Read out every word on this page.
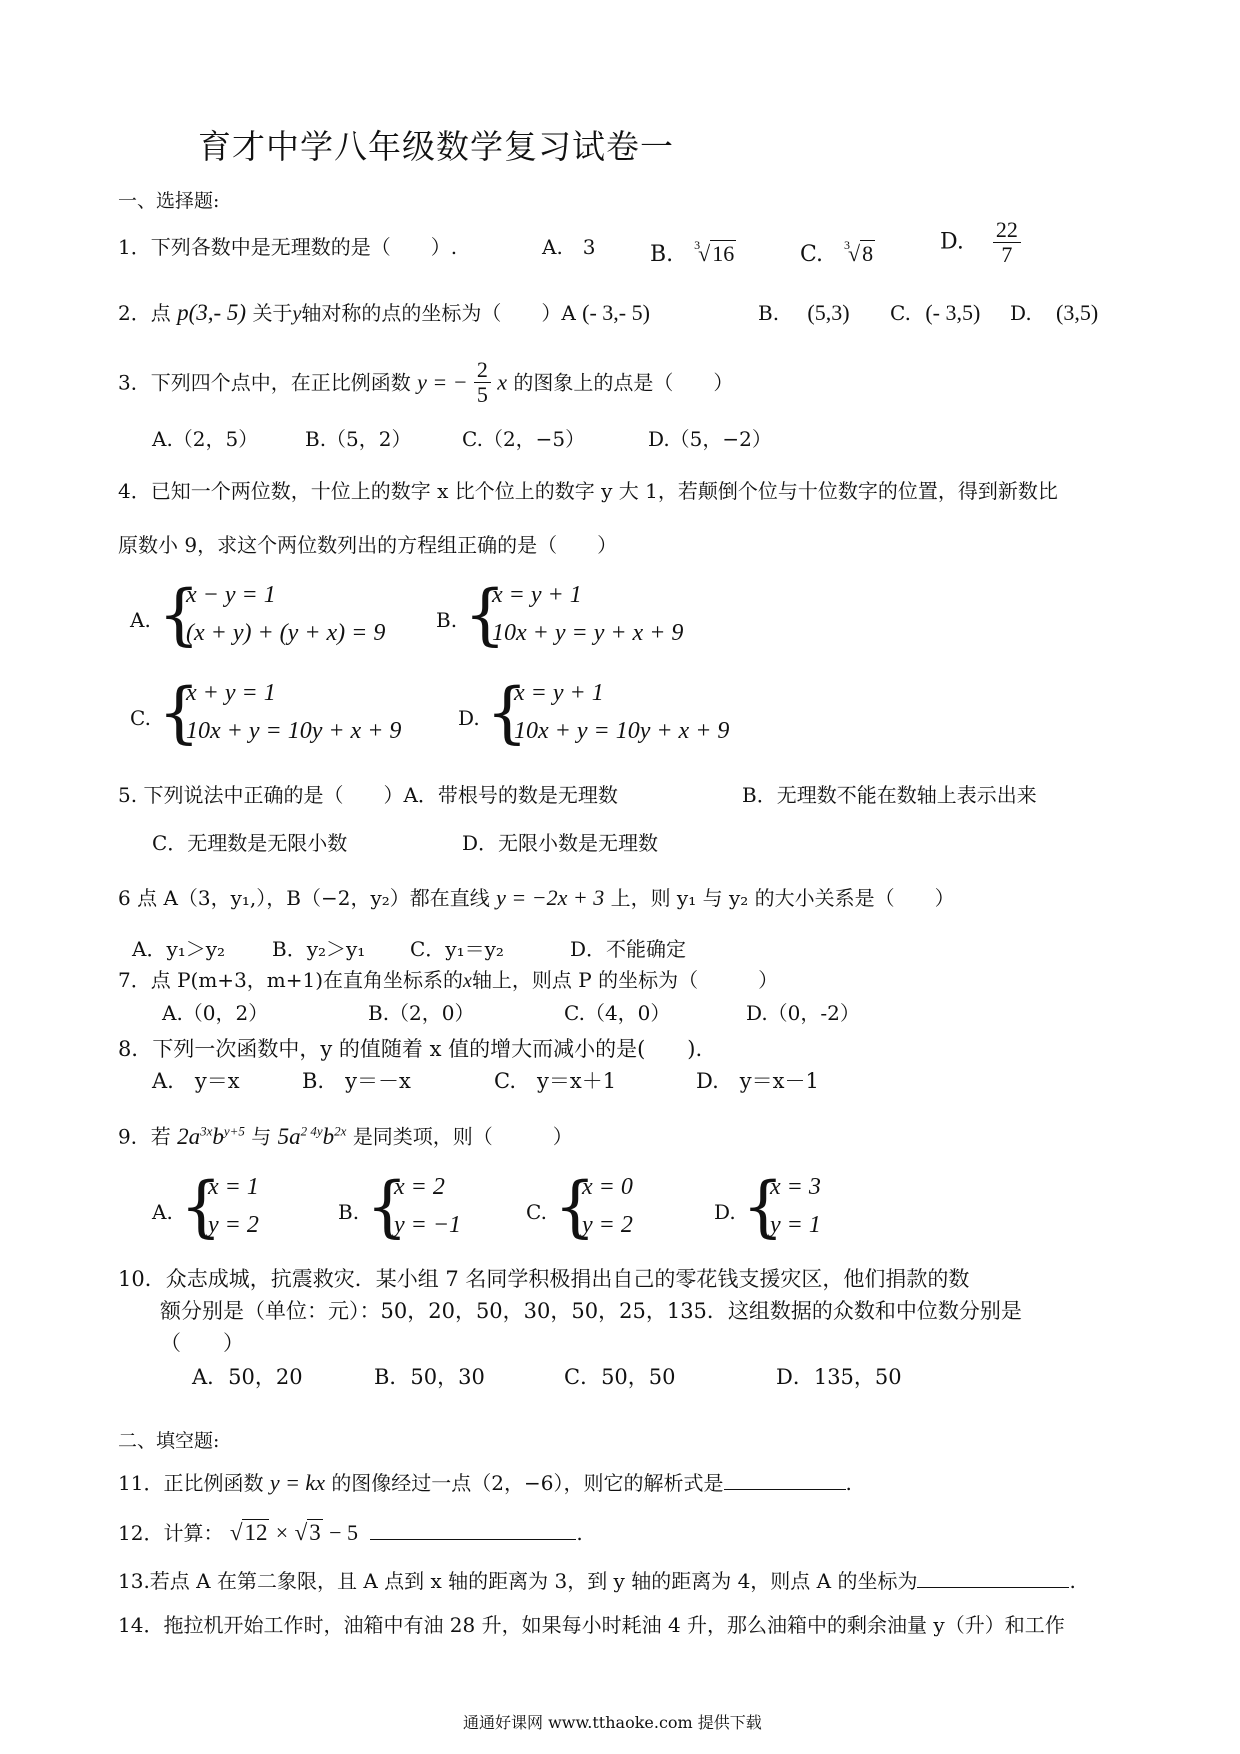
育才中学八年级数学复习试卷一
一、选择题:
1．下列各数中是无理数的是（　　）.	A.　3 B. $^3$√16	C. $^3$√8	D. $\frac{22}{7}$
2．点 p(3,- 5) 关于y轴对称的点的坐标为（　　）A (- 3,- 5)	B. (5,3) C. (- 3,5) D. (3,5)
3．下列四个点中，在正比例函数 y = − $\frac{2}{5}$ x 的图象上的点是（　　）
A.（2，5） B.（5，2）	C.（2，−5）	D.（5，−2）
4．已知一个两位数，十位上的数字 x 比个位上的数字 y 大 1，若颠倒个位与十位数字的位置，得到新数比
原数小 9，求这个两位数列出的方程组正确的是（　　）
A. {
x − y = 1
(x + y) + (y + x) = 9	B. {
x = y + 1
10x + y = y + x + 9
C. {
x + y = 1
10x + y = 10y + x + 9	D. {
x = y + 1
10x + y = 10y + x + 9
5. 下列说法中正确的是（　　）A．带根号的数是无理数	B．无理数不能在数轴上表示出来
C．无理数是无限小数	D．无限小数是无理数
6 点 A（3，y₁,），B（−2，y₂）都在直线 y = −2x + 3 上，则 y₁ 与 y₂ 的大小关系是（　　）
A．y₁＞y₂ B．y₂＞y₁ C．y₁＝y₂	D．不能确定
7．点 P(m+3，m+1)在直角坐标系的x轴上，则点 P 的坐标为（　　　）
A.（0，2）	B.（2，0）	C.（4，0）	D.（0，-2）
8．下列一次函数中，y 的值随着 x 值的增大而减小的是(　　).
A.　y＝x	B.　y＝－x	C.　y＝x＋1	D.　y＝x－1
9．若 $2a^{3x}b^{y+5}$ 与 $5a^{2 4y}b^{2x}$ 是同类项，则（　　　）
A. {
x = 1
y = 2	B. {
x = 2
y = −1	C. {
x = 0
y = 2	D. {
x = 3
y = 1
10．众志成城，抗震救灾．某小组 7 名同学积极捐出自己的零花钱支援灾区，他们捐款的数
额分别是（单位：元）：50，20，50，30，50，25，135．这组数据的众数和中位数分别是
（　　）
A．50，20	B．50，30	C．50，50	D．135，50
二、填空题:
11．正比例函数 y = kx 的图像经过一点（2，−6），则它的解析式是	.
12．计算： √12 × √3 − 5	.
13.若点 A 在第二象限，且 A 点到 x 轴的距离为 3，到 y 轴的距离为 4，则点 A 的坐标为	.
14．拖拉机开始工作时，油箱中有油 28 升，如果每小时耗油 4 升，那么油箱中的剩余油量 y（升）和工作
通通好课网 www.tthaoke.com 提供下载
